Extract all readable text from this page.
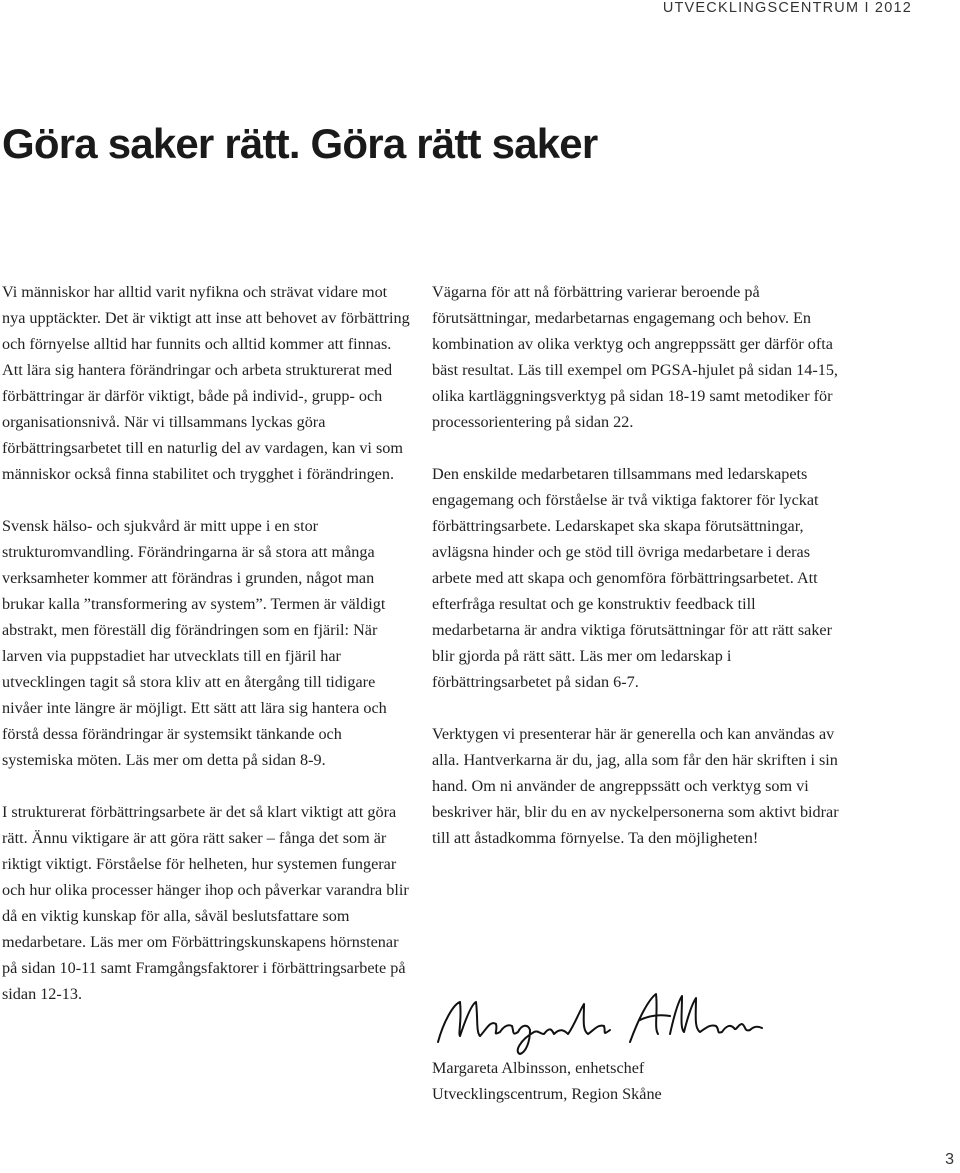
UTVECKLINGSCENTRUM I 2012
Göra saker rätt. Göra rätt saker

Vi människor har alltid varit nyfikna och strävat vidare mot nya upptäckter. Det är viktigt att inse att behovet av förbättring och förnyelse alltid har funnits och alltid kommer att finnas. Att lära sig hantera förändringar och arbeta strukturerat med förbättringar är därför viktigt, både på individ-, grupp- och organisationsnivå. När vi tillsammans lyckas göra förbättringsarbetet till en naturlig del av vardagen, kan vi som människor också finna stabilitet och trygghet i förändringen.

Svensk hälso- och sjukvård är mitt uppe i en stor strukturomvandling. Förändringarna är så stora att många verksamheter kommer att förändras i grunden, något man brukar kalla ”transformering av system”. Termen är väldigt abstrakt, men föreställ dig förändringen som en fjäril: När larven via puppstadiet har utvecklats till en fjäril har utvecklingen tagit så stora kliv att en återgång till tidigare nivåer inte längre är möjligt. Ett sätt att lära sig hantera och förstå dessa förändringar är systemsikt tänkande och systemiska möten. Läs mer om detta på sidan 8-9.

I strukturerat förbättringsarbete är det så klart viktigt att göra rätt. Ännu viktigare är att göra rätt saker – fånga det som är riktigt viktigt. Förståelse för helheten, hur systemen fungerar och hur olika processer hänger ihop och påverkar varandra blir då en viktig kunskap för alla, såväl beslutsfattare som medarbetare. Läs mer om Förbättringskunskapens hörnstenar på sidan 10-11 samt Framgångsfaktorer i förbättringsarbete på sidan 12-13.

Vägarna för att nå förbättring varierar beroende på förutsättningar, medarbetarnas engagemang och behov. En kombination av olika verktyg och angreppssätt ger därför ofta bäst resultat. Läs till exempel om PGSA-hjulet på sidan 14-15, olika kartläggningsverktyg på sidan 18-19 samt metodiker för processorientering på sidan 22.

Den enskilde medarbetaren tillsammans med ledarskapets engagemang och förståelse är två viktiga faktorer för lyckat förbättringsarbete. Ledarskapet ska skapa förutsättningar, avlägsna hinder och ge stöd till övriga medarbetare i deras arbete med att skapa och genomföra förbättringsarbetet. Att efterfråga resultat och ge konstruktiv feedback till medarbetarna är andra viktiga förutsättningar för att rätt saker blir gjorda på rätt sätt. Läs mer om ledarskap i förbättringsarbetet på sidan 6-7.

Verktygen vi presenterar här är generella och kan användas av alla. Hantverkarna är du, jag, alla som får den här skriften i sin hand. Om ni använder de angreppssätt och verktyg som vi beskriver här, blir du en av nyckelpersonerna som aktivt bidrar till att åstadkomma förnyelse. Ta den möjligheten!

Margareta Albinsson, enhetschef
Utvecklingscentrum, Region Skåne
3
